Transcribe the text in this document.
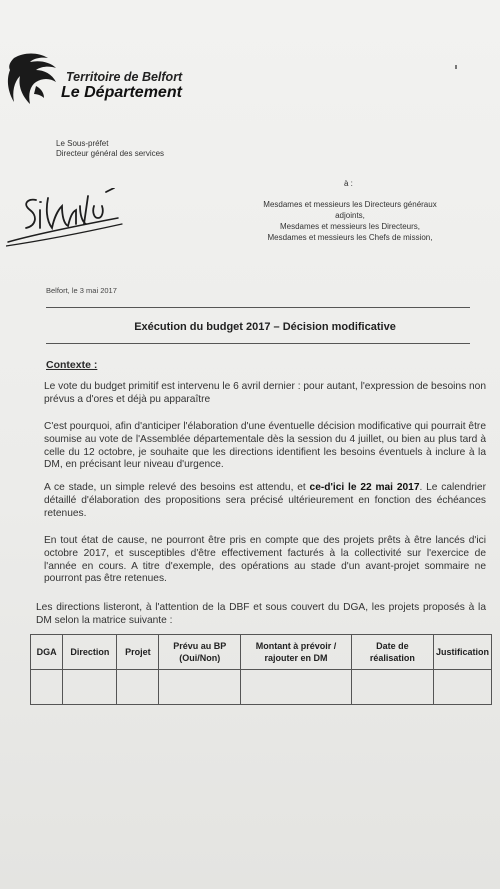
Territoire de Belfort
Le Département
Le Sous-préfet
Directeur général des services
à :
Mesdames et messieurs les Directeurs généraux
adjoints,
Mesdames et messieurs les Directeurs,
Mesdames et messieurs les Chefs de mission,
Belfort, le 3 mai 2017
Exécution du budget 2017 – Décision modificative
Contexte :
Le vote du budget primitif est intervenu le 6 avril dernier : pour autant, l'expression de besoins non prévus a d'ores et déjà pu apparaître
C'est pourquoi, afin d'anticiper l'élaboration d'une éventuelle décision modificative qui pourrait être soumise au vote de l'Assemblée départementale dès la session du 4 juillet, ou bien au plus tard à celle du 12 octobre, je souhaite que les directions identifient les besoins éventuels à inclure à la DM, en précisant leur niveau d'urgence.
A ce stade, un simple relevé des besoins est attendu, et ce-d'ici le 22 mai 2017. Le calendrier détaillé d'élaboration des propositions sera précisé ultérieurement en fonction des échéances retenues.
En tout état de cause, ne pourront être pris en compte que des projets prêts à être lancés d'ici octobre 2017, et susceptibles d'être effectivement facturés à la collectivité sur l'exercice de l'année en cours. A titre d'exemple, des opérations au stade d'un avant-projet sommaire ne pourront pas être retenues.
Les directions listeront, à l'attention de la DBF et sous couvert du DGA, les projets proposés à la DM selon la matrice suivante :
DGA	Direction	Projet	Prévu au BP (Oui/Non)	Montant à prévoir / rajouter en DM	Date de réalisation	Justification
